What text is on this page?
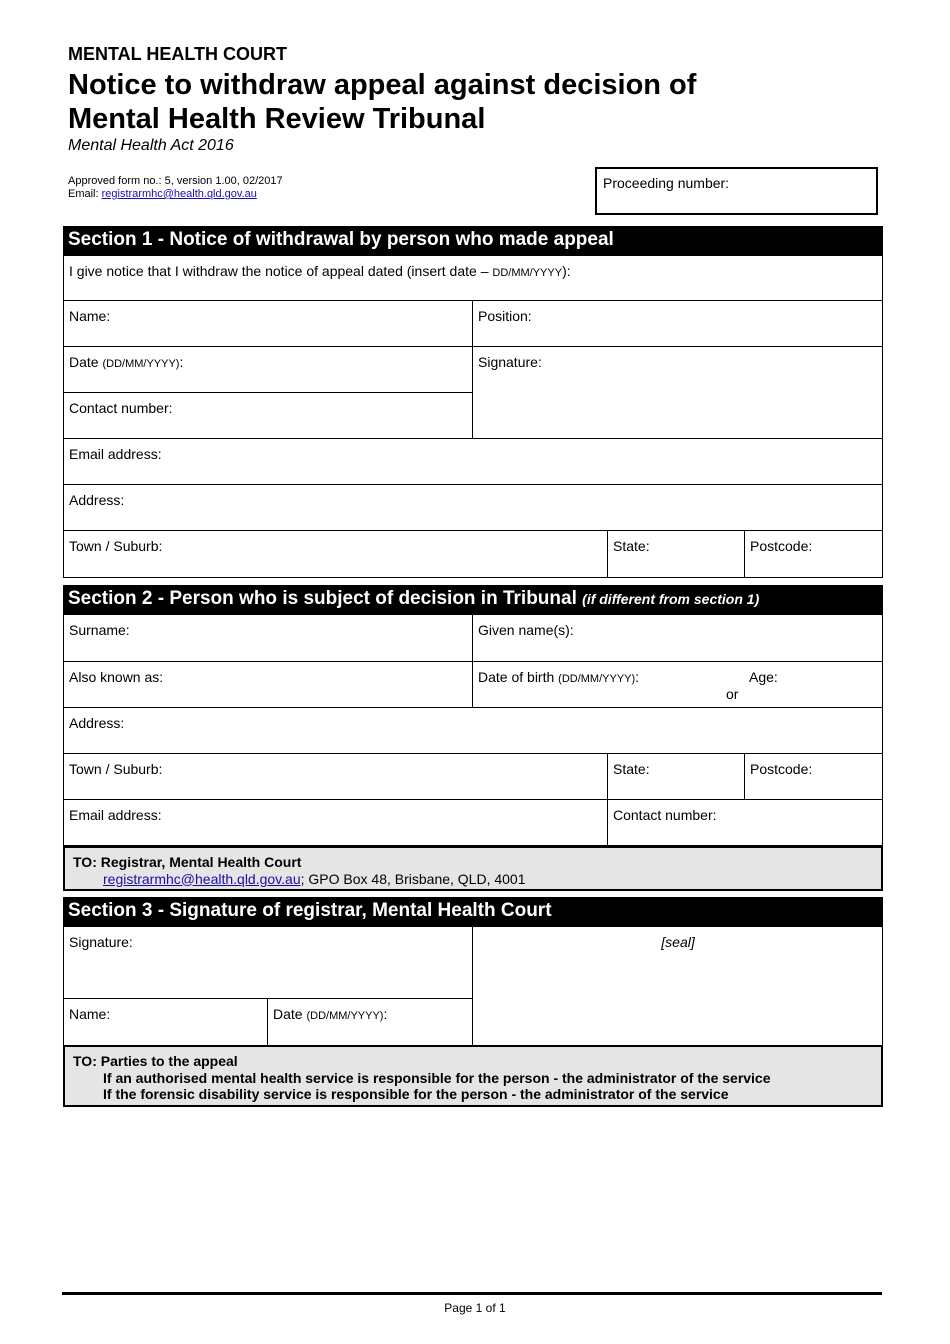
MENTAL HEALTH COURT
Notice to withdraw appeal against decision of
Mental Health Review Tribunal
Mental Health Act 2016
Approved form no.: 5, version 1.00, 02/2017
Email: registrarmhc@health.qld.gov.au
Proceeding number:
Section 1 - Notice of withdrawal by person who made appeal
I give notice that I withdraw the notice of appeal dated (insert date – DD/MM/YYYY):
Name:	Position:
Date (DD/MM/YYYY):	Signature:
Contact number:
Email address:
Address:
Town / Suburb:	State:	Postcode:
Section 2 - Person who is subject of decision in Tribunal (if different from section 1)
Surname:	Given name(s):
Also known as:	Date of birth (DD/MM/YYYY):	Age:
or
Address:
Town / Suburb:	State:	Postcode:
Email address:	Contact number:
TO: Registrar, Mental Health Court
registrarmhc@health.qld.gov.au; GPO Box 48, Brisbane, QLD, 4001
Section 3 - Signature of registrar, Mental Health Court
Signature:	[seal]
Name:	Date (DD/MM/YYYY):
TO: Parties to the appeal
If an authorised mental health service is responsible for the person - the administrator of the service
If the forensic disability service is responsible for the person - the administrator of the service
Page 1 of 1
